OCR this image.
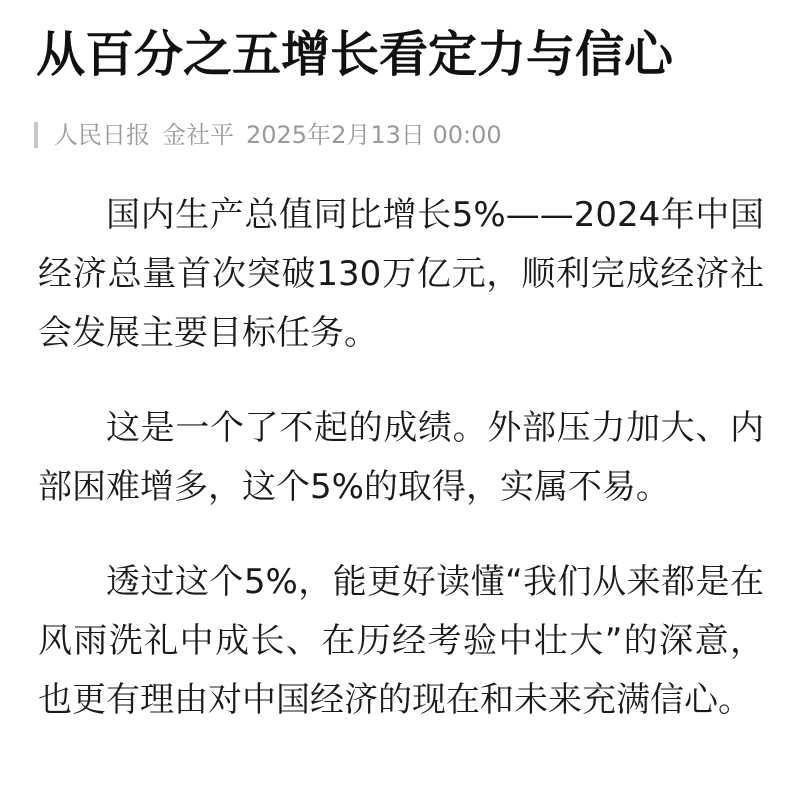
从百分之五增长看定力与信心
人民日报 金社平 2025年2月13日 00:00

国内生产总值同比增长5%——2024年中国经济总量首次突破130万亿元，顺利完成经济社会发展主要目标任务。

这是一个了不起的成绩。外部压力加大、内部困难增多，这个5%的取得，实属不易。

透过这个5%，能更好读懂“我们从来都是在风雨洗礼中成长、在历经考验中壮大”的深意，也更有理由对中国经济的现在和未来充满信心。
